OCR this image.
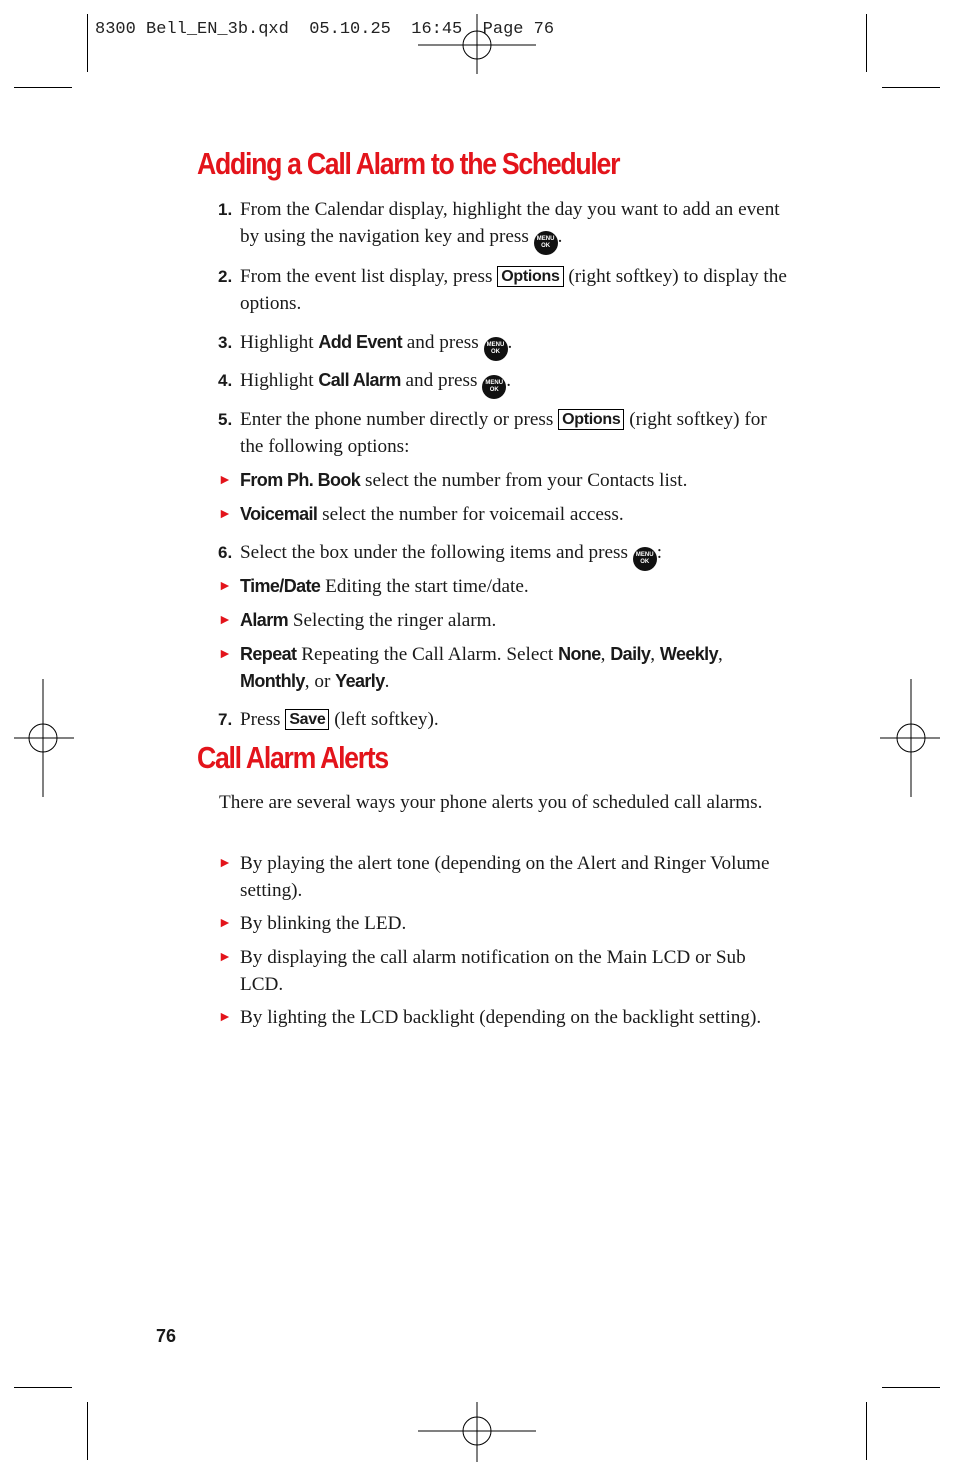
8300 Bell_EN_3b.qxd  05.10.25  16:45  Page 76
Adding a Call Alarm to the Scheduler
1. From the Calendar display, highlight the day you want to add an event by using the navigation key and press	MENU
OK .
2. From the event list display, press Options (right softkey) to display the options.
3. Highlight Add Event and press	MENU
OK .
4. Highlight Call Alarm and press	MENU
OK .
5. Enter the phone number directly or press Options (right softkey) for the following options:
► From Ph. Book select the number from your Contacts list.
► Voicemail select the number for voicemail access.
6. Select the box under the following items and press	MENU
OK :
► Time/Date Editing the start time/date.
► Alarm Selecting the ringer alarm.
► Repeat Repeating the Call Alarm. Select None, Daily, Weekly, Monthly, or Yearly.
7. Press Save (left softkey).
Call Alarm Alerts
There are several ways your phone alerts you of scheduled call alarms.
► By playing the alert tone (depending on the Alert and Ringer Volume setting).
► By blinking the LED.
► By displaying the call alarm notification on the Main LCD or Sub LCD.
► By lighting the LCD backlight (depending on the backlight setting).
76
